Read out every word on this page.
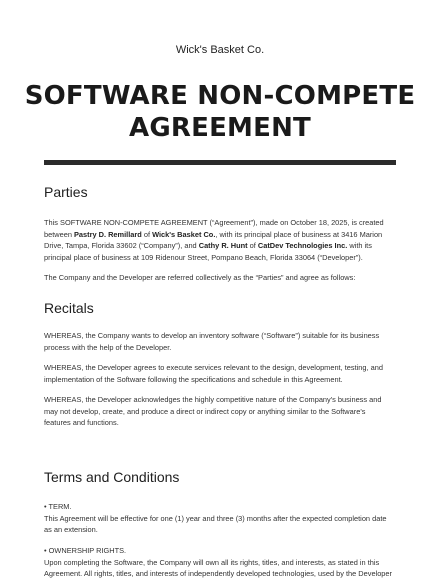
Wick's Basket Co.
SOFTWARE NON-COMPETE
AGREEMENT
Parties
This SOFTWARE NON-COMPETE AGREEMENT (“Agreement”), made on October 18, 2025, is created between Pastry D. Remillard of Wick's Basket Co., with its principal place of business at 3416 Marion Drive, Tampa, Florida 33602 (“Company”), and Cathy R. Hunt of CatDev Technologies Inc. with its principal place of business at 109 Ridenour Street, Pompano Beach, Florida 33064 (“Developer”).
The Company and the Developer are referred collectively as the “Parties” and agree as follows:
Recitals
WHEREAS, the Company wants to develop an inventory software (“Software”) suitable for its business process with the help of the Developer.
WHEREAS, the Developer agrees to execute services relevant to the design, development, testing, and implementation of the Software following the specifications and schedule in this Agreement.
WHEREAS, the Developer acknowledges the highly competitive nature of the Company's business and may not develop, create, and produce a direct or indirect copy or anything similar to the Software's features and functions.
Terms and Conditions
• TERM.
This Agreement will be effective for one (1) year and three (3) months after the expected completion date as an extension.
• OWNERSHIP RIGHTS.
Upon completing the Software, the Company will own all its rights, titles, and interests, as stated in this Agreement. All rights, titles, and interests of independently developed technologies, used by the Developer
